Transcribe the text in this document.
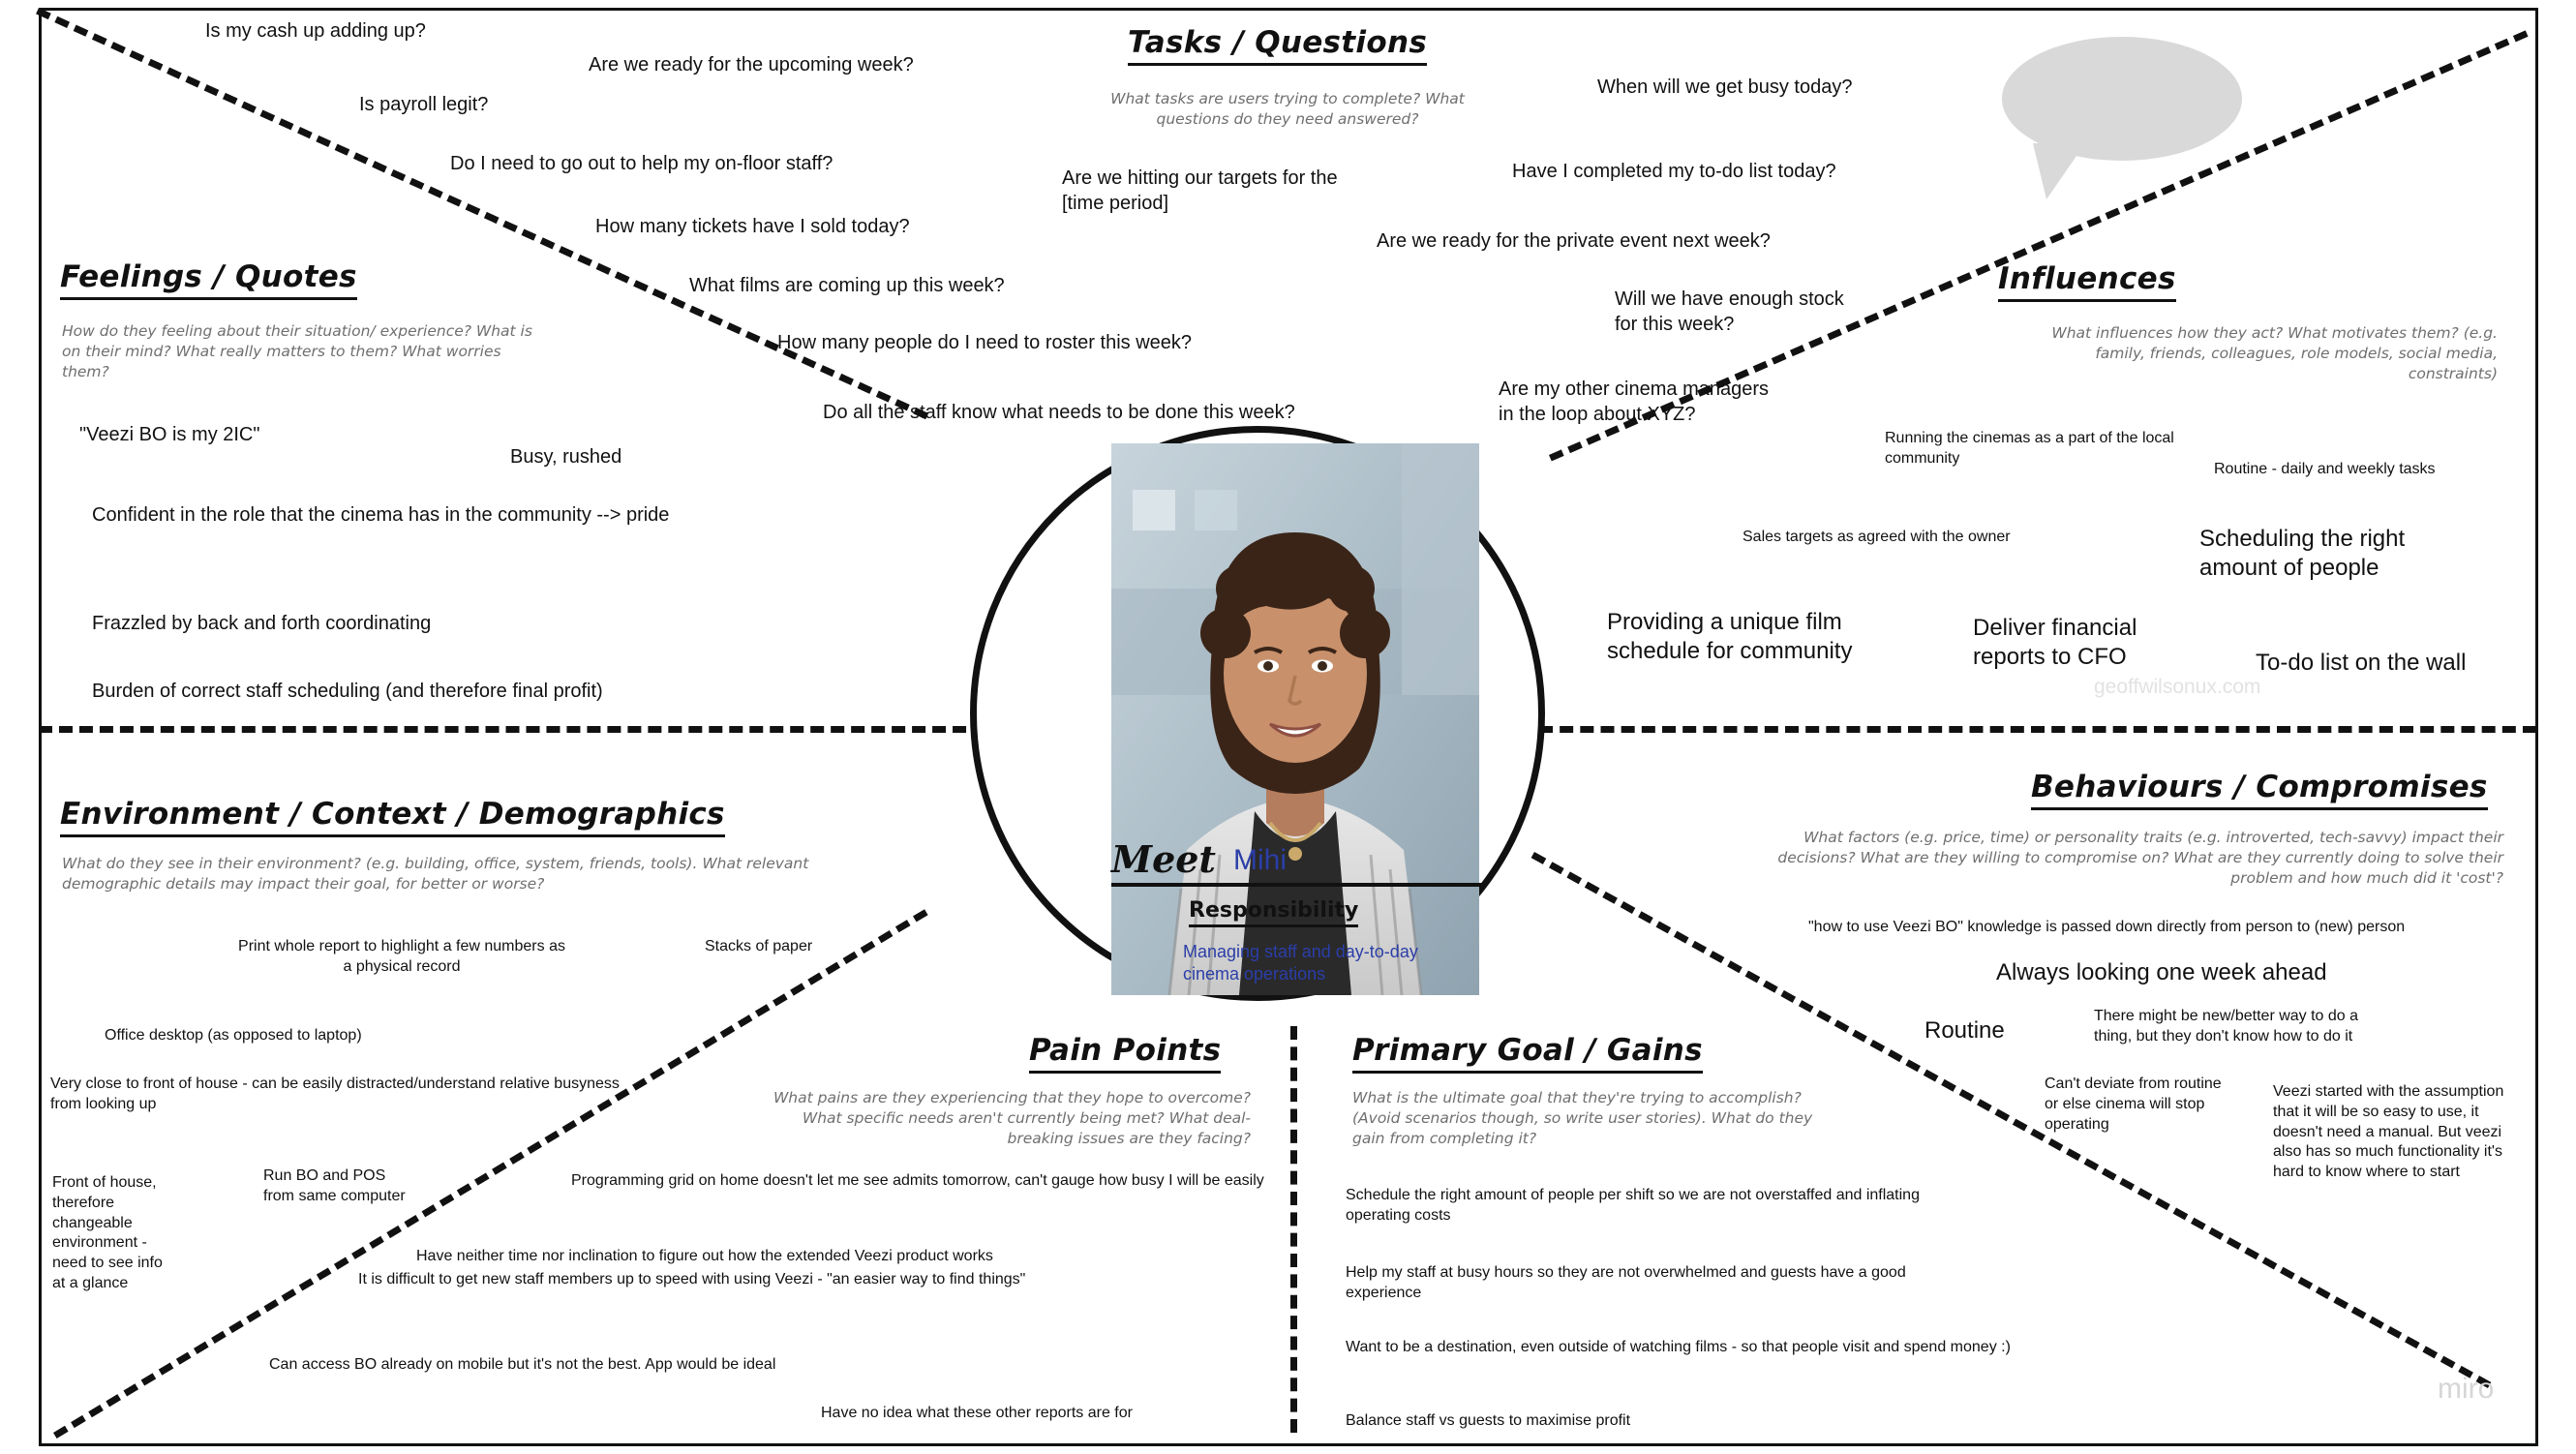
geoffwilsonux.com
miro
Tasks / Questions
What tasks are users trying to complete? What questions do they need answered?
Is my cash up adding up?
Are we ready for the upcoming week?
Is payroll legit?
Do I need to go out to help my on-floor staff?
How many tickets have I sold today?
What films are coming up this week?
How many people do I need to roster this week?
Do all the staff know what needs to be done this week?
Are we hitting our targets for the [time period]
When will we get busy today?
Have I completed my to-do list today?
Are we ready for the private event next week?
Will we have enough stock for this week?
Are my other cinema managers in the loop about XYZ?
Feelings / Quotes
How do they feeling about their situation/ experience? What is on their mind? What really matters to them? What worries them?
"Veezi BO is my 2IC"
Busy, rushed
Confident in the role that the cinema has in the community --> pride
Frazzled by back and forth coordinating
Burden of correct staff scheduling (and therefore final profit)
Influences
What influences how they act? What motivates them? (e.g. family, friends, colleagues, role models, social media, constraints)
Running the cinemas as a part of the local community
Routine - daily and weekly tasks
Sales targets as agreed with the owner	Scheduling the right amount of people
Providing a unique film schedule for community
Deliver financial reports to CFO	To-do list on the wall
Environment / Context / Demographics
What do they see in their environment? (e.g. building, office, system, friends, tools). What relevant demographic details may impact their goal, for better or worse?
Print whole report to highlight a few numbers as a physical record
Stacks of paper
Office desktop (as opposed to laptop)
Very close to front of house - can be easily distracted/understand relative busyness from looking up
Front of house, therefore changeable environment - need to see info at a glance
Run BO and POS from same computer
Behaviours / Compromises
What factors (e.g. price, time) or personality traits (e.g. introverted, tech-savvy) impact their decisions? What are they willing to compromise on? What are they currently doing to solve their problem and how much did it 'cost'?
"how to use Veezi BO" knowledge is passed down directly from person to (new) person
Always looking one week ahead
Routine
There might be new/better way to do a thing, but they don't know how to do it
Can't deviate from routine or else cinema will stop operating
Veezi started with the assumption that it will be so easy to use, it doesn't need a manual. But veezi also has so much functionality it's hard to know where to start
Pain Points
What pains are they experiencing that they hope to overcome? What specific needs aren't currently being met? What deal-breaking issues are they facing?
Programming grid on home doesn't let me see admits tomorrow, can't gauge how busy I will be easily
Have neither time nor inclination to figure out how the extended Veezi product works
It is difficult to get new staff members up to speed with using Veezi - "an easier way to find things"
Can access BO already on mobile but it's not the best. App would be ideal
Have no idea what these other reports are for
Primary Goal / Gains
What is the ultimate goal that they're trying to accomplish? (Avoid scenarios though, so write user stories). What do they gain from completing it?
Schedule the right amount of people per shift so we are not overstaffed and inflating operating costs
Help my staff at busy hours so they are not overwhelmed and guests have a good experience
Want to be a destination, even outside of watching films - so that people visit and spend money :)
Balance staff vs guests to maximise profit
Meet Mihi
Responsibility
Managing staff and day-to-day cinema operations
